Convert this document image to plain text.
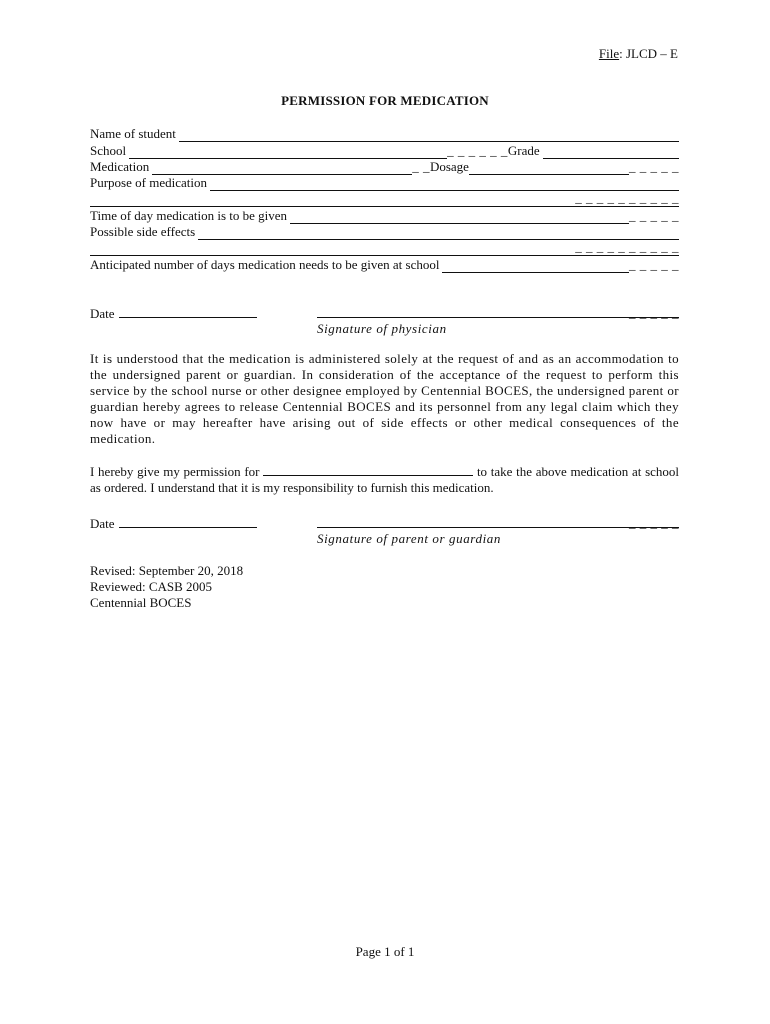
File: JLCD – E
PERMISSION FOR MEDICATION
Name of student
School	_ _ _ _ _ _ Grade
Medication	_ _ Dosage	_ _ _ _ _
Purpose of medication
_ _ _ _ _ _ _ _ _ _
Time of day medication is to be given	_ _ _ _ _
Possible side effects
_ _ _ _ _ _ _ _ _ _
Anticipated number of days medication needs to be given at school	_ _ _ _ _
Date	_ _ _ _ _
Signature of physician
It is understood that the medication is administered solely at the request of and as an accommodation to the undersigned parent or guardian. In consideration of the acceptance of the request to perform this service by the school nurse or other designee employed by Centennial BOCES, the undersigned parent or guardian hereby agrees to release Centennial BOCES and its personnel from any legal claim which they now have or may hereafter have arising out of side effects or other medical consequences of the medication.
I hereby give my permission for	to take the above medication at school as ordered. I understand that it is my responsibility to furnish this medication.
Date	_ _ _ _ _
Signature of parent or guardian
Revised: September 20, 2018
Reviewed: CASB 2005
Centennial BOCES
Page 1 of 1
